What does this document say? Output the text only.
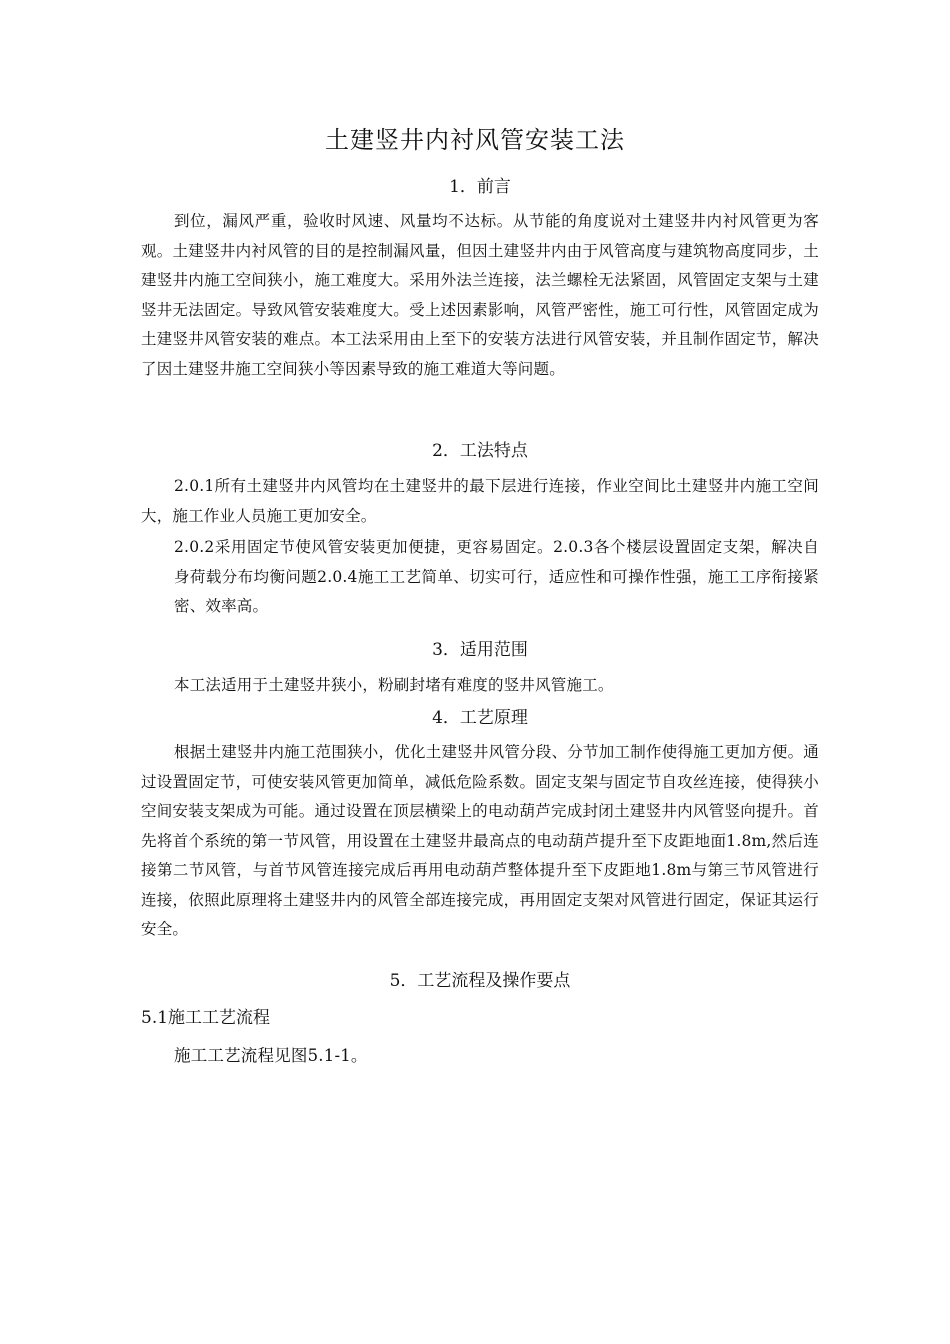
土建竖井内衬风管安装工法

1．前言

到位，漏风严重，验收时风速、风量均不达标。从节能的角度说对土建竖井内衬风管更为客观。土建竖井内衬风管的目的是控制漏风量，但因土建竖井内由于风管高度与建筑物高度同步，土建竖井内施工空间狭小，施工难度大。采用外法兰连接，法兰螺栓无法紧固，风管固定支架与土建竖井无法固定。导致风管安装难度大。受上述因素影响，风管严密性，施工可行性，风管固定成为土建竖井风管安装的难点。本工法采用由上至下的安装方法进行风管安装，并且制作固定节，解决了因土建竖井施工空间狭小等因素导致的施工难道大等问题。

2．工法特点

2.0.1所有土建竖井内风管均在土建竖井的最下层进行连接，作业空间比土建竖井内施工空间大，施工作业人员施工更加安全。

2.0.2采用固定节使风管安装更加便捷，更容易固定。2.0.3各个楼层设置固定支架，解决自身荷载分布均衡问题2.0.4施工工艺简单、切实可行，适应性和可操作性强，施工工序衔接紧密、效率高。

3．适用范围

本工法适用于土建竖井狭小，粉刷封堵有难度的竖井风管施工。

4．工艺原理

根据土建竖井内施工范围狭小，优化土建竖井风管分段、分节加工制作使得施工更加方便。通过设置固定节，可使安装风管更加简单，减低危险系数。固定支架与固定节自攻丝连接，使得狭小空间安装支架成为可能。通过设置在顶层横梁上的电动葫芦完成封闭土建竖井内风管竖向提升。首先将首个系统的第一节风管，用设置在土建竖井最高点的电动葫芦提升至下皮距地面1.8m,然后连接第二节风管，与首节风管连接完成后再用电动葫芦整体提升至下皮距地1.8m与第三节风管进行连接，依照此原理将土建竖井内的风管全部连接完成，再用固定支架对风管进行固定，保证其运行安全。

5．工艺流程及操作要点

5.1施工工艺流程

施工工艺流程见图5.1-1。
